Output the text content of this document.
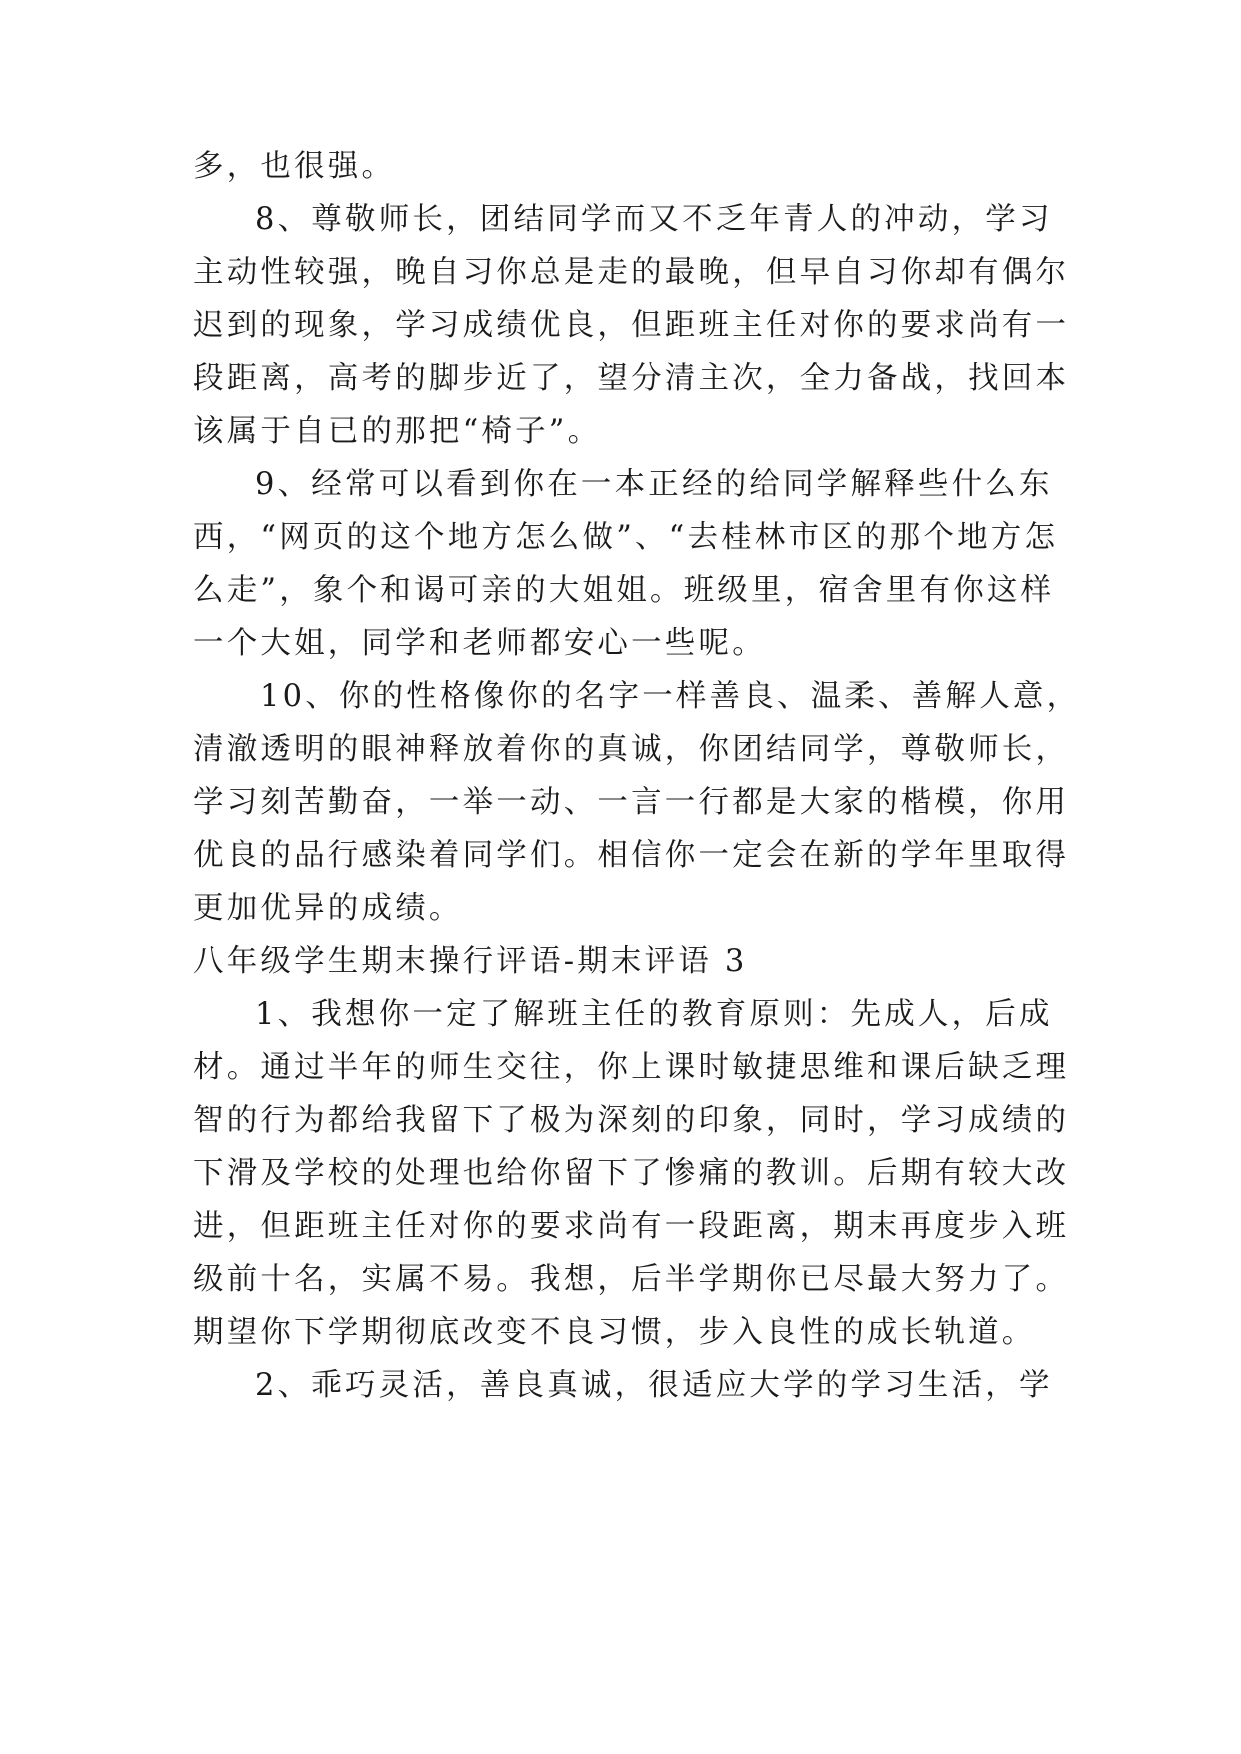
多，也很强。
8、尊敬师长，团结同学而又不乏年青人的冲动，学习
主动性较强，晚自习你总是走的最晚，但早自习你却有偶尔
迟到的现象，学习成绩优良，但距班主任对你的要求尚有一
段距离，高考的脚步近了，望分清主次，全力备战，找回本
该属于自已的那把“椅子”。
9、经常可以看到你在一本正经的给同学解释些什么东
西，“网页的这个地方怎么做”、“去桂林市区的那个地方怎
么走”，象个和谒可亲的大姐姐。班级里，宿舍里有你这样
一个大姐，同学和老师都安心一些呢。
10、你的性格像你的名字一样善良、温柔、善解人意，
清澈透明的眼神释放着你的真诚，你团结同学，尊敬师长，
学习刻苦勤奋，一举一动、一言一行都是大家的楷模，你用
优良的品行感染着同学们。相信你一定会在新的学年里取得
更加优异的成绩。
八年级学生期末操行评语-期末评语 3
1、我想你一定了解班主任的教育原则：先成人，后成
材。通过半年的师生交往，你上课时敏捷思维和课后缺乏理
智的行为都给我留下了极为深刻的印象，同时，学习成绩的
下滑及学校的处理也给你留下了惨痛的教训。后期有较大改
进，但距班主任对你的要求尚有一段距离，期末再度步入班
级前十名，实属不易。我想，后半学期你已尽最大努力了。
期望你下学期彻底改变不良习惯，步入良性的成长轨道。
2、乖巧灵活，善良真诚，很适应大学的学习生活，学
